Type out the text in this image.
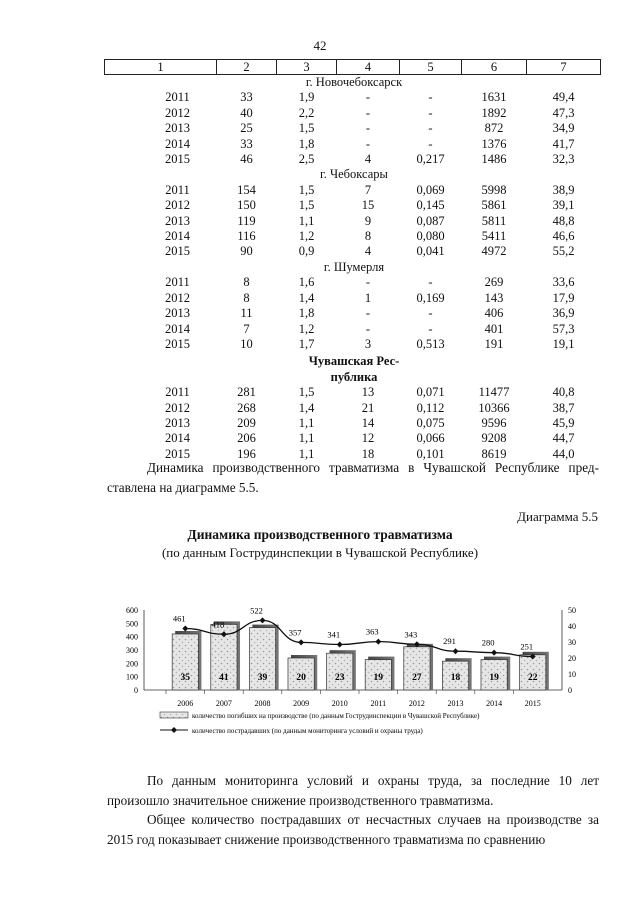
42
1	2	3	4	5	6	7
г. Новочебоксарск						
2011	33	1,9	-	-	1631	49,4
2012	40	2,2	-	-	1892	47,3
2013	25	1,5	-	-	872	34,9
2014	33	1,8	-	-	1376	41,7
2015	46	2,5	4	0,217	1486	32,3
г. Чебоксары						
2011	154	1,5	7	0,069	5998	38,9
2012	150	1,5	15	0,145	5861	39,1
2013	119	1,1	9	0,087	5811	48,8
2014	116	1,2	8	0,080	5411	46,6
2015	90	0,9	4	0,041	4972	55,2
г. Шумерля						
2011	8	1,6	-	-	269	33,6
2012	8	1,4	1	0,169	143	17,9
2013	11	1,8	-	-	406	36,9
2014	7	1,2	-	-	401	57,3
2015	10	1,7	3	0,513	191	19,1
Чувашская Рес-
публика						
2011	281	1,5	13	0,071	11477	40,8
2012	268	1,4	21	0,112	10366	38,7
2013	209	1,1	14	0,075	9596	45,9
2014	206	1,1	12	0,066	9208	44,7
2015	196	1,1	18	0,101	8619	44,0
Динамика производственного травматизма в Чувашской Республике пред-ставлена на диаграмме 5.5.
Диаграмма 5.5
Динамика производственного травматизма
(по данным Гострудинспекции в Чувашской Республике)
0
100
200
300
400
500
600
0
10
20
30
40
50
35
2006
41
2007
39
2008
20
2009
23
2010
19
2011
27
2012
18
2013
19
2014
22
2015
461
418
522
357	341	363	343
291	280	251
количество погибших на производстве (по данным Гострудинспекции в Чувашской Республике)
количество пострадавших (по данным мониторинга условий и охраны труда)
По данным мониторинга условий и охраны труда, за последние 10 лет произошло значительное снижение производственного травматизма.
Общее количество пострадавших от несчастных случаев на производстве за 2015 год показывает снижение производственного травматизма по сравнению
